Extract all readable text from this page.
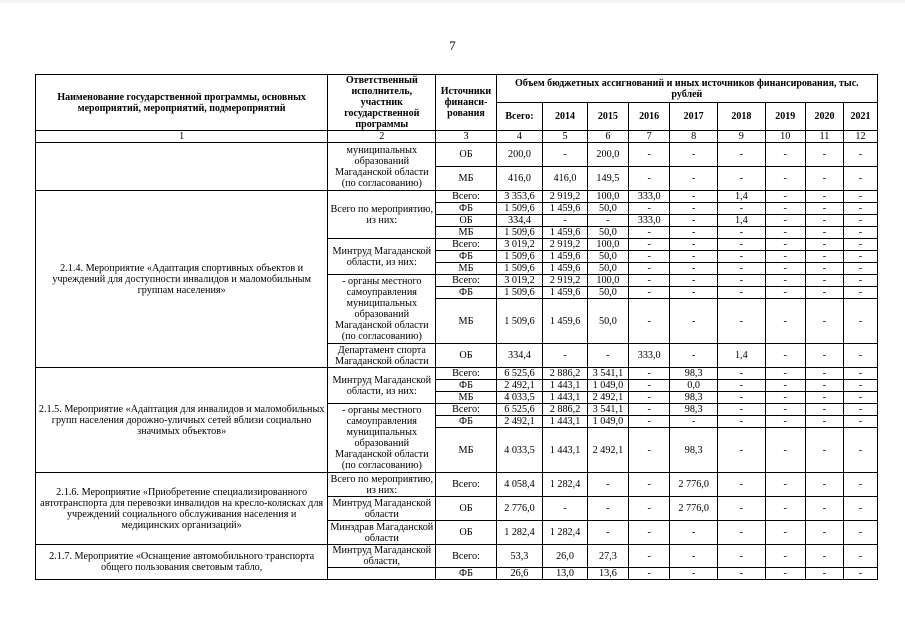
7
Наименование государственной программы, основных мероприятий, мероприятий, подмероприятий	Ответственный исполнитель, участник государственной программы	Источники финанси-рования	Объем бюджетных ассигнований и иных источников финансирования, тыс. рублей								
			Всего:	2014	2015	2016	2017	2018	2019	2020	2021
1	2	3	4	5	6	7	8	9	10	11	12
	муниципальных образований Магаданской области (по согласованию)	ОБ	200,0	-	200,0	-	-	-	-	-	-
		МБ	416,0	416,0	149,5	-	-	-	-	-	-
2.1.4. Мероприятие «Адаптация спортивных объектов и учреждений для доступности инвалидов и маломобильным группам населения»	Всего по мероприятию, из них:	Всего:	3 353,6	2 919,2	100,0	333,0	-	1,4	-	-	-
		ФБ	1 509,6	1 459,6	50,0	-	-	-	-	-	-
		ОБ	334,4	-	-	333,0	-	1,4	-	-	-
		МБ	1 509,6	1 459,6	50,0	-	-	-	-	-	-
	Минтруд Магаданской области, из них:	Всего:	3 019,2	2 919,2	100,0	-	-	-	-	-	-
		ФБ	1 509,6	1 459,6	50,0	-	-	-	-	-	-
		МБ	1 509,6	1 459,6	50,0	-	-	-	-	-	-
	- органы местного самоуправления муниципальных образований Магаданской области (по согласованию)	Всего:	3 019,2	2 919,2	100,0	-	-	-	-	-	-
		ФБ	1 509,6	1 459,6	50,0	-	-	-	-	-	-
		МБ	1 509,6	1 459,6	50,0	-	-	-	-	-	-
	Департамент спорта Магаданской области	ОБ	334,4	-	-	333,0	-	1,4	-	-	-
2.1.5. Мероприятие «Адаптация для инвалидов и маломобильных групп населения дорожно-уличных сетей вблизи социально значимых объектов»	Минтруд Магаданской области, из них:	Всего:	6 525,6	2 886,2	3 541,1	-	98,3	-	-	-	-
		ФБ	2 492,1	1 443,1	1 049,0	-	0,0	-	-	-	-
		МБ	4 033,5	1 443,1	2 492,1	-	98,3	-	-	-	-
	- органы местного самоуправления муниципальных образований Магаданской области (по согласованию)	Всего:	6 525,6	2 886,2	3 541,1	-	98,3	-	-	-	-
		ФБ	2 492,1	1 443,1	1 049,0	-	-	-	-	-	-
		МБ	4 033,5	1 443,1	2 492,1	-	98,3	-	-	-	-
2.1.6. Мероприятие «Приобретение специализированного автотранспорта для перевозки инвалидов на кресло-колясках для учреждений социального обслуживания населения и медицинских организаций»	Всего по мероприятию, из них:	Всего:	4 058,4	1 282,4	-	-	2 776,0	-	-	-	-
	Минтруд Магаданской области	ОБ	2 776,0	-	-	-	2 776,0	-	-	-	-
	Минздрав Магаданской области	ОБ	1 282,4	1 282,4	-	-	-	-	-	-	-
2.1.7. Мероприятие «Оснащение автомобильного транспорта общего пользования световым табло,	Минтруд Магаданской области,	Всего:	53,3	26,0	27,3	-	-	-	-	-	-
		ФБ	26,6	13,0	13,6	-	-	-	-	-	-
